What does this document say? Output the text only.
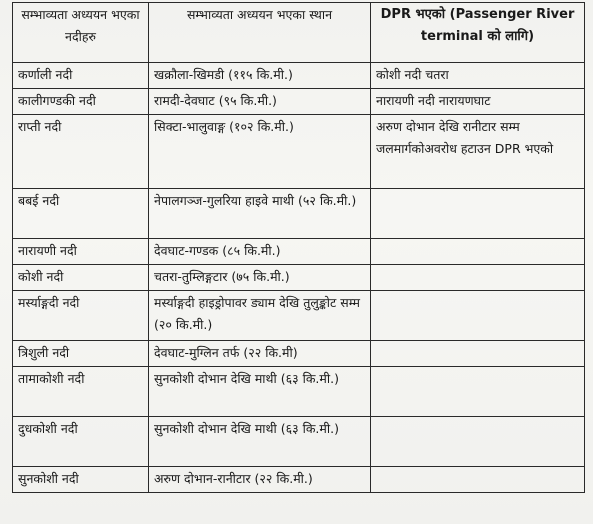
सम्भाव्यता अध्ययन भएका नदीहरु	सम्भाव्यता अध्ययन भएका स्थान	DPR भएको (Passenger River terminal को लागि)
कर्णाली नदी	खक्रौला-खिमडी (११५ कि.मी.)	कोशी नदी चतरा
कालीगण्डकी नदी	रामदी-देवघाट (९५ कि.मी.)	नारायणी नदी नारायणघाट
राप्ती नदी	सिक्टा-भालुवाङ्ग (१०२ कि.मी.)	अरुण दोभान देखि रानीटार सम्म जलमार्गकोअवरोध हटाउन DPR भएको
बबई नदी	नेपालगञ्ज-गुलरिया हाइवे माथी (५२ कि.मी.)	
नारायणी नदी	देवघाट-गण्डक (८५ कि.मी.)	
कोशी नदी	चतरा-तुम्लिङ्गटार (७५ कि.मी.)	
मर्स्याङ्गदी नदी	मर्स्याङ्गदी हाइड्रोपावर ड्याम देखि तुलुङ्कोट सम्म (२० कि.मी.)	
त्रिशुली नदी	देवघाट-मुग्लिन तर्फ (२२ कि.मी)	
तामाकोशी नदी	सुनकोशी दोभान देखि माथी (६३ कि.मी.)	
दुधकोशी नदी	सुनकोशी दोभान देखि माथी (६३ कि.मी.)	
सुनकोशी नदी	अरुण दोभान-रानीटार (२२ कि.मी.)	
